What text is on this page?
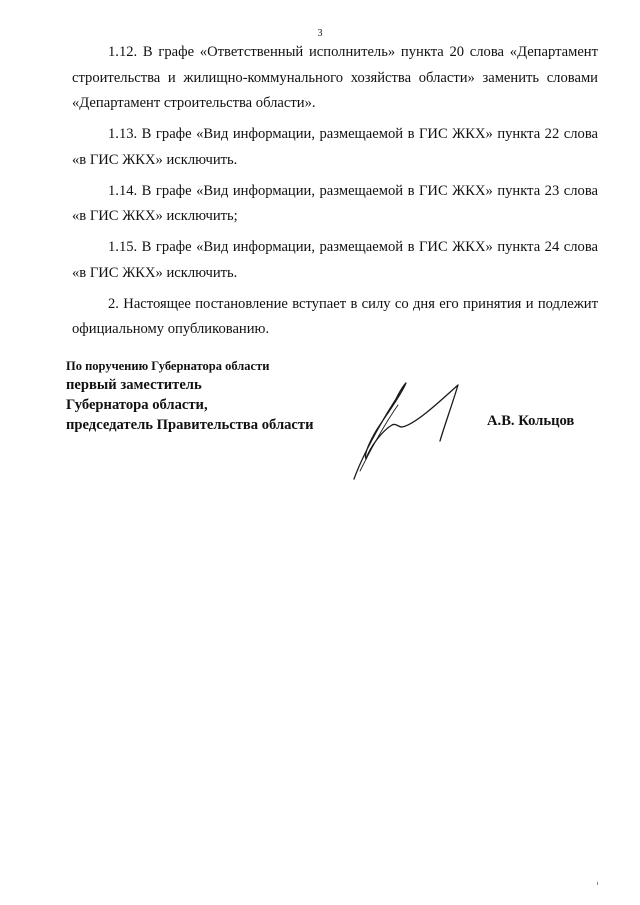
3

1.12. В графе «Ответственный исполнитель» пункта 20 слова «Департамент строительства и жилищно-коммунального хозяйства области» заменить словами «Департамент строительства области».

1.13. В графе «Вид информации, размещаемой в ГИС ЖКХ» пункта 22 слова «в ГИС ЖКХ» исключить.

1.14. В графе «Вид информации, размещаемой в ГИС ЖКХ» пункта 23 слова «в ГИС ЖКХ» исключить;

1.15. В графе «Вид информации, размещаемой в ГИС ЖКХ» пункта 24 слова «в ГИС ЖКХ» исключить.

2. Настоящее постановление вступает в силу со дня его принятия и подлежит официальному опубликованию.

По поручению Губернатора области
первый заместитель
Губернатора области,
председатель Правительства области	А.В. Кольцов
